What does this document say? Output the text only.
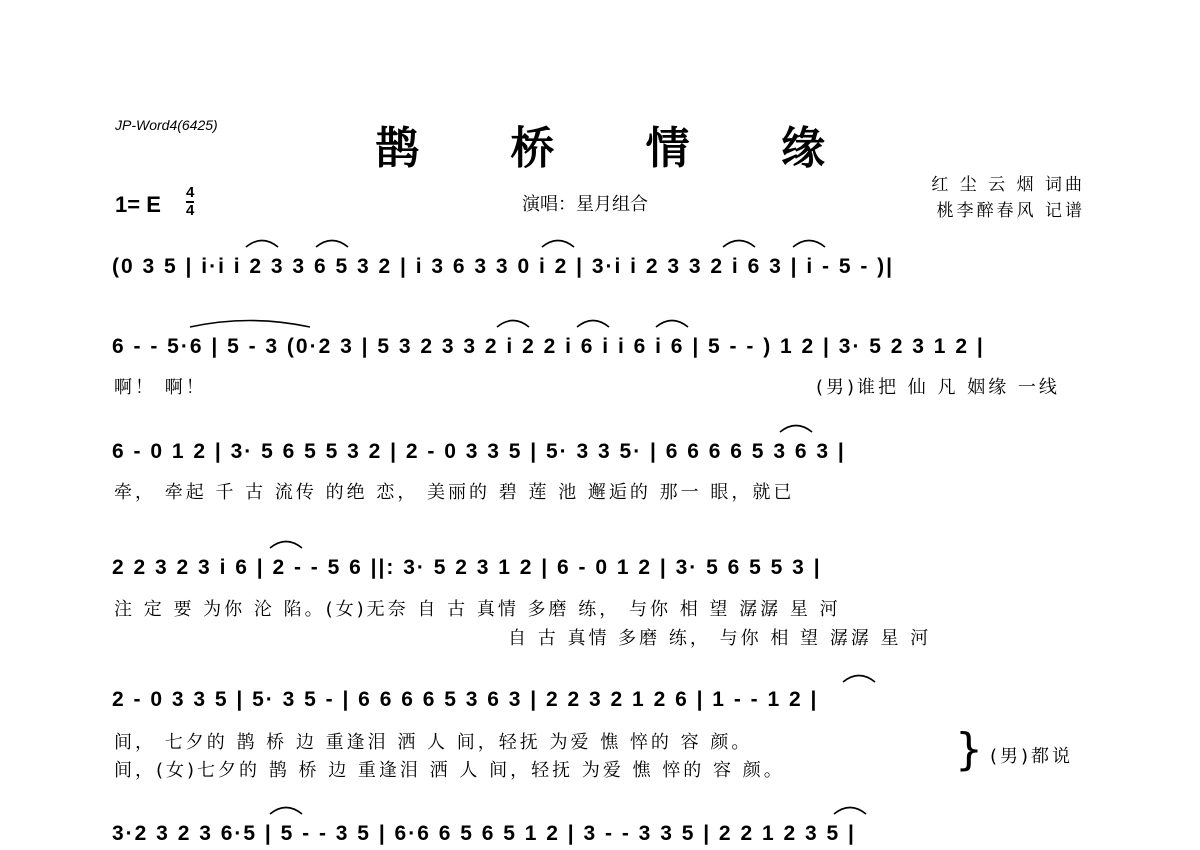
JP-Word4(6425)	鹊 桥 情 缘
1= E 4
4	演唱：星月组合
红 尘 云 烟 词曲
桃李醉春风 记谱
(0 3 5 | i·i i 2 3 3 6 5 3 2 | i 3 6 3 3 0 i 2 | 3·i i 2 3 3 2 i 6 3 | i - 5 - )|
6 - - 5·6 | 5 - 3 (0·2 3 | 5 3 2 3 3 2 i 2 2 i 6 i i 6 i 6 | 5 - - ) 1 2 | 3· 5 2 3 1 2 |
啊！ 啊！	(男)谁把 仙 凡 姻缘 一线
6 - 0 1 2 | 3· 5 6 5 5 3 2 | 2 - 0 3 3 5 | 5· 3 3 5· | 6 6 6 6 5 3 6 3 |
牵， 牵起 千 古 流传 的绝 恋， 美丽的 碧 莲 池 邂逅的 那一 眼，就已
2 2 3 2 3 i 6 | 2 - - 5 6 ||: 3· 5 2 3 1 2 | 6 - 0 1 2 | 3· 5 6 5 5 3 |
注 定 要 为你 沦 陷。(女)无奈 自 古 真情 多磨 练， 与你 相 望 潺潺 星 河
自 古 真情 多磨 练， 与你 相 望 潺潺 星 河
2 - 0 3 3 5 | 5· 3 5 - | 6 6 6 6 5 3 6 3 | 2 2 3 2 1 2 6 | 1 - - 1 2 |
间， 七夕的 鹊 桥 边 重逢泪 洒 人 间，轻抚 为爱 憔 悴的 容 颜。
间，(女)七夕的 鹊 桥 边 重逢泪 洒 人 间，轻抚 为爱 憔 悴的 容 颜。	} (男)都说
3·2 3 2 3 6·5 | 5 - - 3 5 | 6·6 6 5 6 5 1 2 | 3 - - 3 3 5 | 2 2 1 2 3 5 |
